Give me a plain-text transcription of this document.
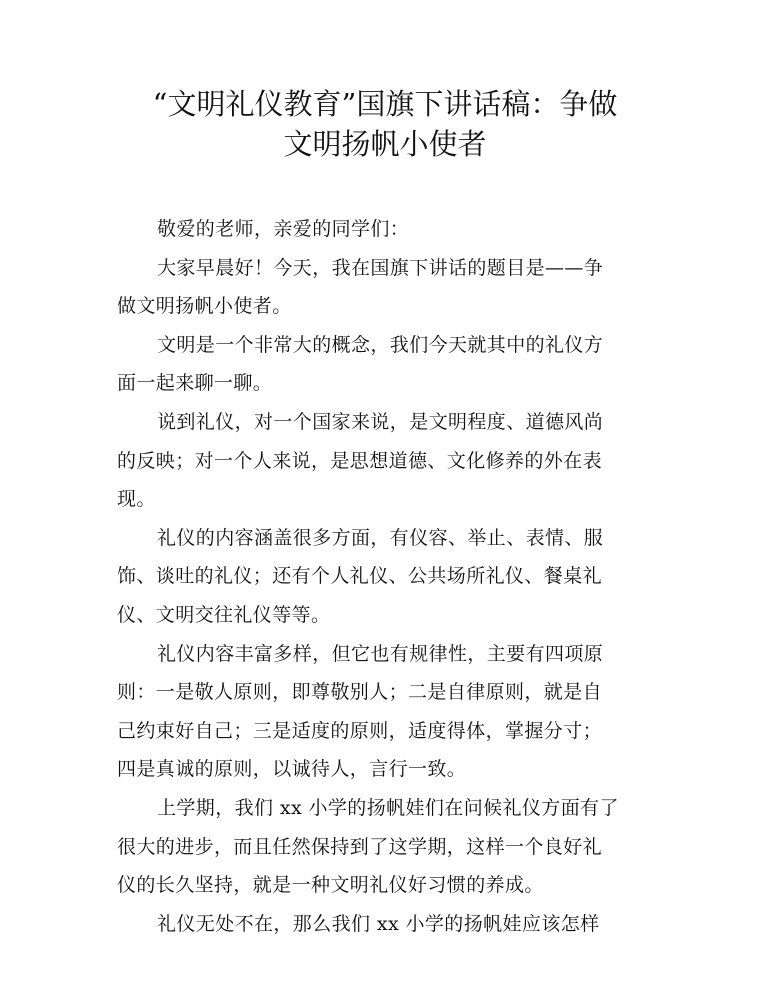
“文明礼仪教育”国旗下讲话稿：争做
文明扬帆小使者

敬爱的老师，亲爱的同学们：

大家早晨好！今天，我在国旗下讲话的题目是——争
做文明扬帆小使者。

文明是一个非常大的概念，我们今天就其中的礼仪方
面一起来聊一聊。

说到礼仪，对一个国家来说，是文明程度、道德风尚
的反映；对一个人来说，是思想道德、文化修养的外在表
现。

礼仪的内容涵盖很多方面，有仪容、举止、表情、服
饰、谈吐的礼仪；还有个人礼仪、公共场所礼仪、餐桌礼
仪、文明交往礼仪等等。

礼仪内容丰富多样，但它也有规律性，主要有四项原
则：一是敬人原则，即尊敬别人；二是自律原则，就是自
己约束好自己；三是适度的原则，适度得体，掌握分寸；
四是真诚的原则，以诚待人，言行一致。

上学期，我们 xx 小学的扬帆娃们在问候礼仪方面有了
很大的进步，而且任然保持到了这学期，这样一个良好礼
仪的长久坚持，就是一种文明礼仪好习惯的养成。

礼仪无处不在，那么我们 xx 小学的扬帆娃应该怎样
